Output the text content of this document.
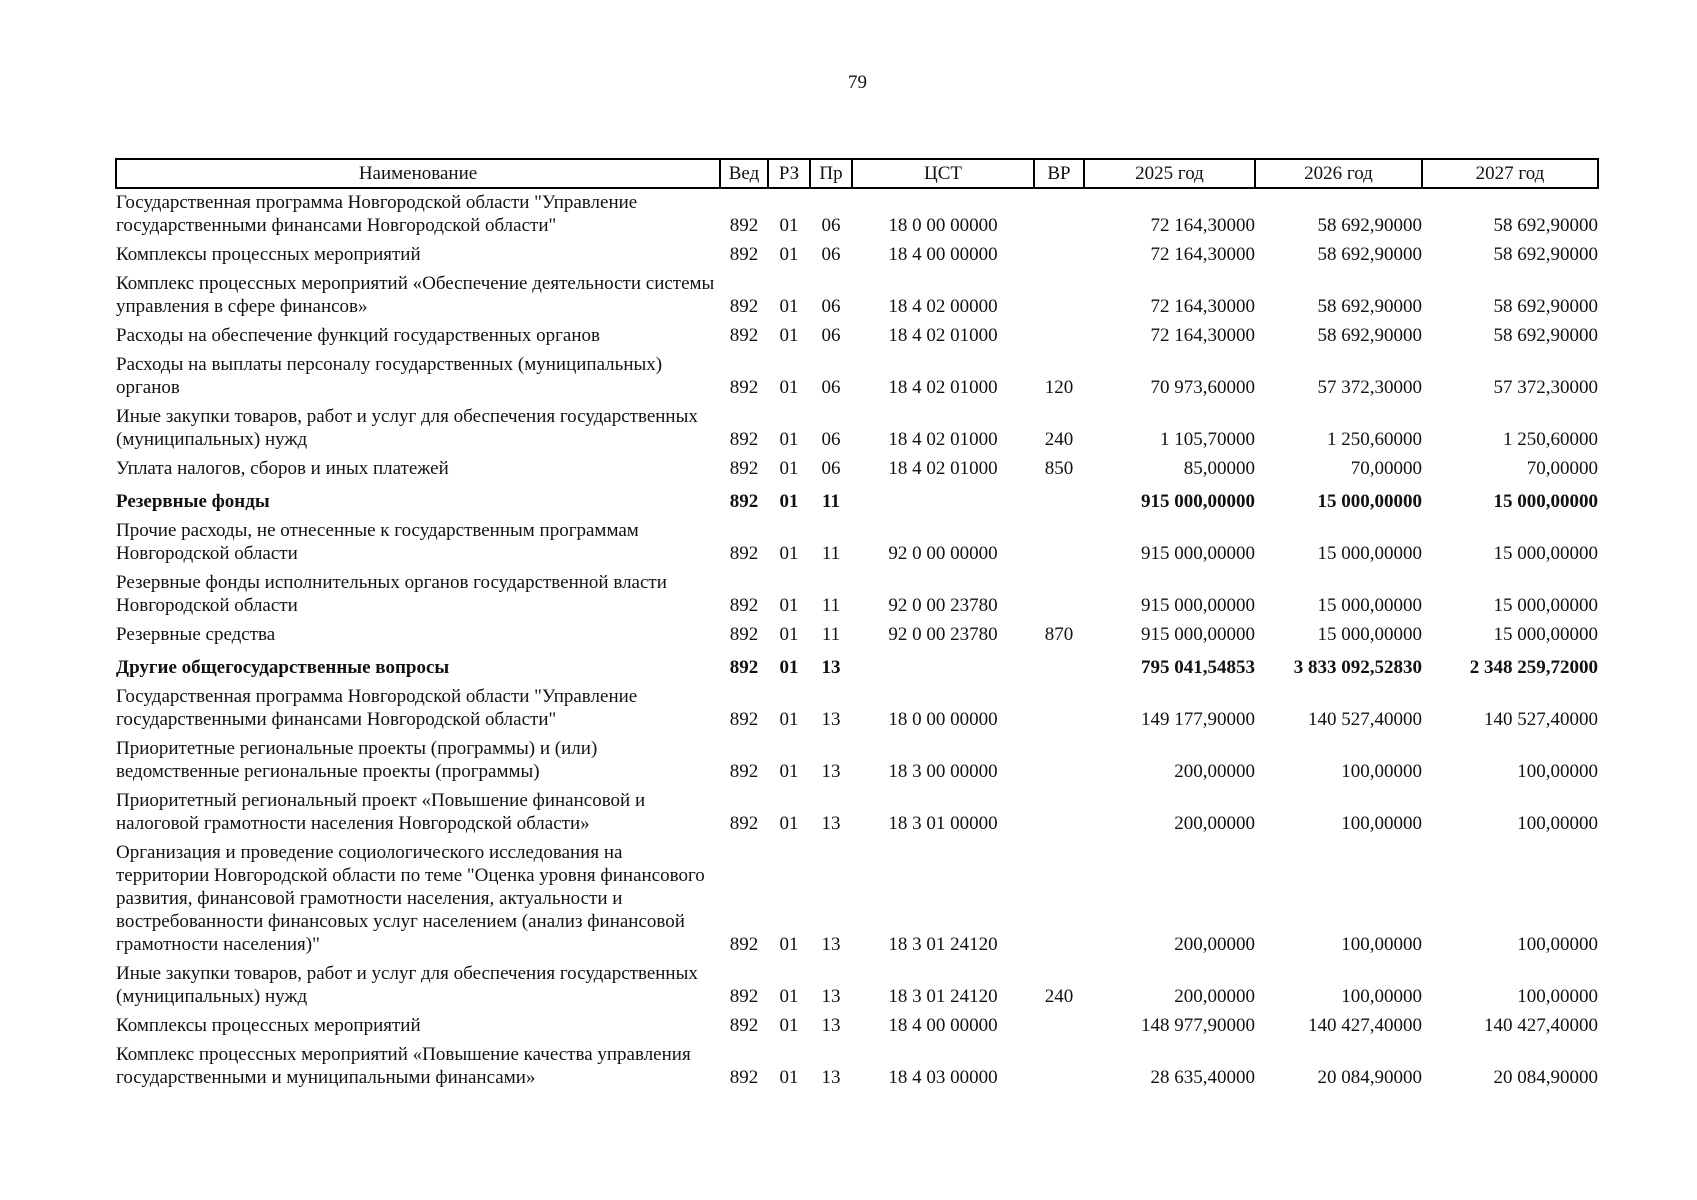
79
Наименование	Вед	РЗ	Пр	ЦСТ	ВР	2025 год	2026 год	2027 год
Государственная программа Новгородской области "Управление государственными финансами Новгородской области"	892	01	06	18 0 00 00000		72 164,30000	58 692,90000	58 692,90000
Комплексы процессных мероприятий	892	01	06	18 4 00 00000		72 164,30000	58 692,90000	58 692,90000
Комплекс процессных мероприятий «Обеспечение деятельности системы управления в сфере финансов»	892	01	06	18 4 02 00000		72 164,30000	58 692,90000	58 692,90000
Расходы на обеспечение функций государственных органов	892	01	06	18 4 02 01000		72 164,30000	58 692,90000	58 692,90000
Расходы на выплаты персоналу государственных (муниципальных) органов	892	01	06	18 4 02 01000	120	70 973,60000	57 372,30000	57 372,30000
Иные закупки товаров, работ и услуг для обеспечения государственных (муниципальных) нужд	892	01	06	18 4 02 01000	240	1 105,70000	1 250,60000	1 250,60000
Уплата налогов, сборов и иных платежей	892	01	06	18 4 02 01000	850	85,00000	70,00000	70,00000
Резервные фонды	892	01	11			915 000,00000	15 000,00000	15 000,00000
Прочие расходы, не отнесенные к государственным программам Новгородской области	892	01	11	92 0 00 00000		915 000,00000	15 000,00000	15 000,00000
Резервные фонды исполнительных органов государственной власти Новгородской области	892	01	11	92 0 00 23780		915 000,00000	15 000,00000	15 000,00000
Резервные средства	892	01	11	92 0 00 23780	870	915 000,00000	15 000,00000	15 000,00000
Другие общегосударственные вопросы	892	01	13			795 041,54853	3 833 092,52830	2 348 259,72000
Государственная программа Новгородской области "Управление государственными финансами Новгородской области"	892	01	13	18 0 00 00000		149 177,90000	140 527,40000	140 527,40000
Приоритетные региональные проекты (программы) и (или) ведомственные региональные проекты (программы)	892	01	13	18 3 00 00000		200,00000	100,00000	100,00000
Приоритетный региональный проект «Повышение финансовой и налоговой грамотности населения Новгородской области»	892	01	13	18 3 01 00000		200,00000	100,00000	100,00000
Организация и проведение социологического исследования на территории Новгородской области по теме "Оценка уровня финансового развития, финансовой грамотности населения, актуальности и востребованности финансовых услуг населением (анализ финансовой грамотности населения)"	892	01	13	18 3 01 24120		200,00000	100,00000	100,00000
Иные закупки товаров, работ и услуг для обеспечения государственных (муниципальных) нужд	892	01	13	18 3 01 24120	240	200,00000	100,00000	100,00000
Комплексы процессных мероприятий	892	01	13	18 4 00 00000		148 977,90000	140 427,40000	140 427,40000
Комплекс процессных мероприятий «Повышение качества управления государственными и муниципальными финансами»	892	01	13	18 4 03 00000		28 635,40000	20 084,90000	20 084,90000
